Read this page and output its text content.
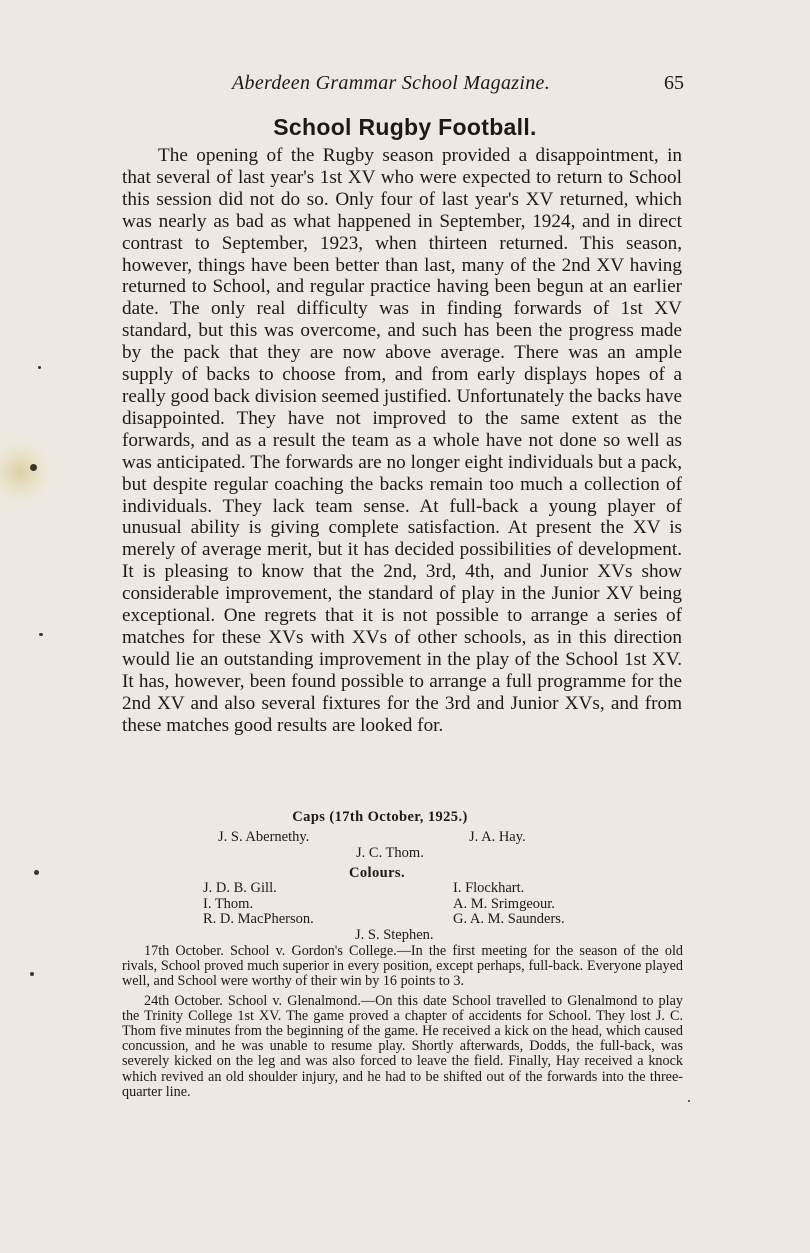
Aberdeen Grammar School Magazine.	65
School Rugby Football.

The opening of the Rugby season provided a disappointment, in that several of last year's 1st XV who were expected to return to School this session did not do so. Only four of last year's XV returned, which was nearly as bad as what happened in September, 1924, and in direct contrast to September, 1923, when thirteen returned. This season, however, things have been better than last, many of the 2nd XV having returned to School, and regular practice having been begun at an earlier date. The only real difficulty was in finding forwards of 1st XV standard, but this was overcome, and such has been the progress made by the pack that they are now above average. There was an ample supply of backs to choose from, and from early displays hopes of a really good back division seemed justified. Unfortunately the backs have disappointed. They have not improved to the same extent as the forwards, and as a result the team as a whole have not done so well as was anticipated. The forwards are no longer eight individuals but a pack, but despite regular coaching the backs remain too much a collection of individuals. They lack team sense. At full-back a young player of unusual ability is giving complete satisfaction. At present the XV is merely of average merit, but it has decided possibilities of development. It is pleasing to know that the 2nd, 3rd, 4th, and Junior XVs show considerable improvement, the standard of play in the Junior XV being exceptional. One regrets that it is not possible to arrange a series of matches for these XVs with XVs of other schools, as in this direction would lie an outstanding improvement in the play of the School 1st XV. It has, however, been found possible to arrange a full programme for the 2nd XV and also several fixtures for the 3rd and Junior XVs, and from these matches good results are looked for.

Caps (17th October, 1925.)
J. S. Abernethy.	J. A. Hay.
J. C. Thom.
Colours.
J. D. B. Gill.
I. Thom.
R. D. MacPherson.
I. Flockhart.
A. M. Srimgeour.
G. A. M. Saunders.
J. S. Stephen.

17th October. School v. Gordon's College.—In the first meeting for the season of the old rivals, School proved much superior in every position, except perhaps, full-back. Everyone played well, and School were worthy of their win by 16 points to 3.

24th October. School v. Glenalmond.—On this date School travelled to Glenalmond to play the Trinity College 1st XV. The game proved a chapter of accidents for School. They lost J. C. Thom five minutes from the beginning of the game. He received a kick on the head, which caused concussion, and he was unable to resume play. Shortly afterwards, Dodds, the full-back, was severely kicked on the leg and was also forced to leave the field. Finally, Hay received a knock which revived an old shoulder injury, and he had to be shifted out of the forwards into the three-quarter line.
